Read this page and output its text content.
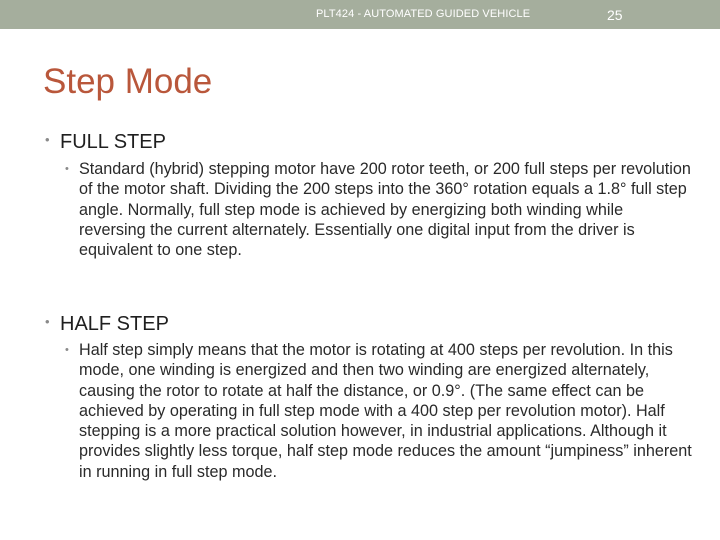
PLT424 - AUTOMATED GUIDED VEHICLE	25
Step Mode
• FULL STEP
• Standard (hybrid) stepping motor have 200 rotor teeth, or 200 full steps per revolution of the motor shaft. Dividing the 200 steps into the 360° rotation equals a 1.8° full step angle. Normally, full step mode is achieved by energizing both winding while reversing the current alternately. Essentially one digital input from the driver is equivalent to one step.
• HALF STEP
• Half step simply means that the motor is rotating at 400 steps per revolution. In this mode, one winding is energized and then two winding are energized alternately, causing the rotor to rotate at half the distance, or 0.9°. (The same effect can be achieved by operating in full step mode with a 400 step per revolution motor). Half stepping is a more practical solution however, in industrial applications. Although it provides slightly less torque, half step mode reduces the amount “jumpiness” inherent in running in full step mode.
